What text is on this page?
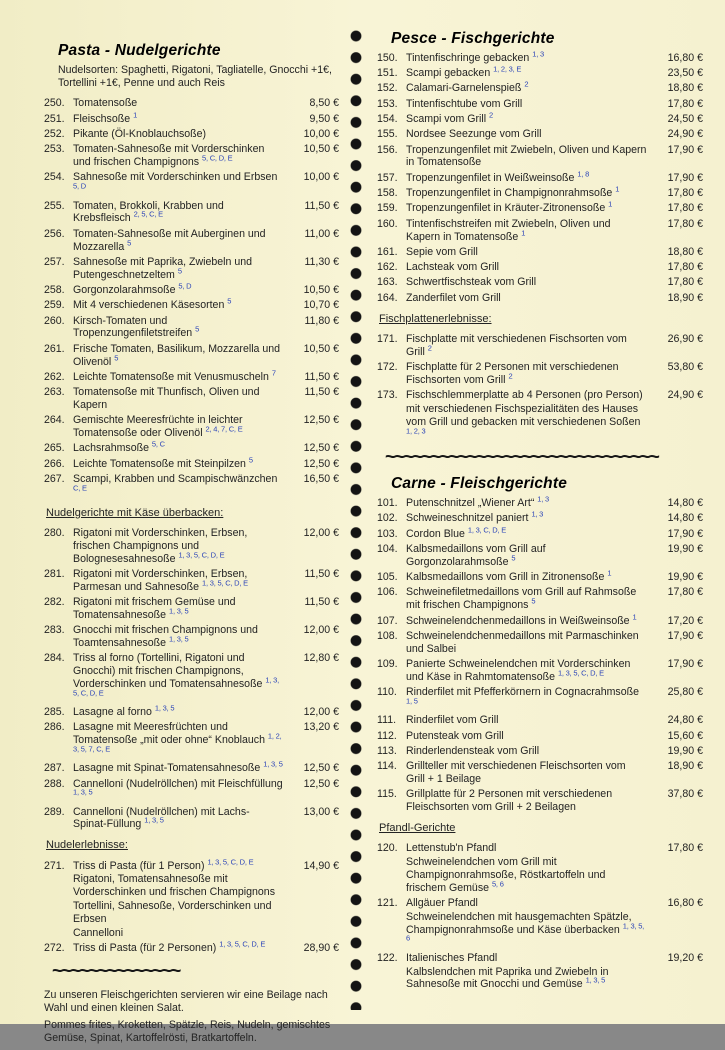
Pasta - Nudelgerichte
Nudelsorten: Spaghetti, Rigatoni, Tagliatelle, Gnocchi +1€, Tortellini +1€, Penne und auch Reis
250. Tomatensoße	8,50 €
251. Fleischsoße $^1$	9,50 €
252. Pikante (Öl-Knoblauchsoße)	10,00 €
253. Tomaten-Sahnesoße mit Vorderschinken und frischen Champignons $^{5, C, D, E}$
10,50 €
254. Sahnesoße mit Vorderschinken und Erbsen $^{5, D}$
10,00 €
255. Tomaten, Brokkoli, Krabben und Krebsfleisch $^{2, 5, C, E}$
11,50 €
256. Tomaten-Sahnesoße mit Auberginen und Mozzarella $^5$
11,00 €
257. Sahnesoße mit Paprika, Zwiebeln und Putengeschnetzeltem $^5$
11,30 €
258. Gorgonzolarahmsoße $^{5, D}$	10,50 €
259. Mit 4 verschiedenen Käsesorten $^5$	10,70 €
260. Kirsch-Tomaten und Tropenzungenfiletstreifen $^5$
11,80 €
261. Frische Tomaten, Basilikum, Mozzarella und Olivenöl $^5$
10,50 €
262. Leichte Tomatensoße mit Venusmuscheln $^7$	11,50 €
263. Tomatensoße mit Thunfisch, Oliven und Kapern
11,50 €
264. Gemischte Meeresfrüchte in leichter Tomatensoße oder Olivenöl $^{2, 4, 7, C, E}$
12,50 €
265. Lachsrahmsoße $^{5, C}$	12,50 €
266. Leichte Tomatensoße mit Steinpilzen $^5$	12,50 €
267. Scampi, Krabben und Scampischwänzchen $^{C, E}$
16,50 €
Nudelgerichte mit Käse überbacken:
280. Rigatoni mit Vorderschinken, Erbsen, frischen Champignons und Bolognesesahnesoße $^{1, 3, 5, C, D, E}$
12,00 €
281. Rigatoni mit Vorderschinken, Erbsen, Parmesan und Sahnesoße $^{1, 3, 5, C, D, E}$
11,50 €
282. Rigatoni mit frischem Gemüse und Tomatensahnesoße $^{1, 3, 5}$
11,50 €
283. Gnocchi mit frischen Champignons und Toamtensahnesoße $^{1, 3, 5}$
12,00 €
284. Triss al forno (Tortellini, Rigatoni und Gnocchi) mit frischen Champignons, Vorderschinken und Tomatensahnesoße $^{1, 3, 5, C, D, E}$
12,80 €
285. Lasagne al forno $^{1, 3, 5}$	12,00 €
286. Lasagne mit Meeresfrüchten und Tomatensoße „mit oder ohne“ Knoblauch $^{1, 2, 3, 5, 7, C, E}$
13,20 €
287. Lasagne mit Spinat-Tomatensahnesoße $^{1, 3, 5}$	12,50 €
288. Cannelloni (Nudelröllchen) mit Fleischfüllung $^{1, 3, 5}$
12,50 €
289. Cannelloni (Nudelröllchen) mit Lachs-Spinat-Füllung $^{1, 3, 5}$
13,00 €
Nudelerlebnisse:
271. Triss di Pasta (für 1 Person) $^{1, 3, 5, C, D, E}$
Rigatoni, Tomatensahnesoße mit Vorderschinken und frischen Champignons
Tortellini, Sahnesoße, Vorderschinken und Erbsen
Cannelloni
14,90 €
272. Triss di Pasta (für 2 Personen) $^{1, 3, 5, C, D, E}$	28,90 €
~~~~~~~~~~~~~~
Zu unseren Fleischgerichten servieren wir eine Beilage nach Wahl und einen kleinen Salat.
Pommes frites, Kroketten, Spätzle, Reis, Nudeln, gemischtes Gemüse, Spinat, Kartoffelrösti, Bratkartoffeln.
Pesce - Fischgerichte
150. Tintenfischringe gebacken $^{1, 3}$	16,80 €
151. Scampi gebacken $^{1, 2, 3, E}$	23,50 €
152. Calamari-Garnelenspieß $^2$	18,80 €
153. Tintenfischtube vom Grill	17,80 €
154. Scampi vom Grill $^2$	24,50 €
155. Nordsee Seezunge vom Grill	24,90 €
156. Tropenzungenfilet mit Zwiebeln, Oliven und Kapern in Tomatensoße
17,90 €
157. Tropenzungenfilet in Weißweinsoße $^{1, 8}$	17,90 €
158. Tropenzungenfilet in Champignonrahmsoße $^1$	17,80 €
159. Tropenzungenfilet in Kräuter-Zitronensoße $^1$	17,80 €
160. Tintenfischstreifen mit Zwiebeln, Oliven und Kapern in Tomatensoße $^1$
17,80 €
161. Sepie vom Grill	18,80 €
162. Lachsteak vom Grill	17,80 €
163. Schwertfischsteak vom Grill	17,80 €
164. Zanderfilet vom Grill	18,90 €
Fischplattenerlebnisse:
171. Fischplatte mit verschiedenen Fischsorten vom Grill $^2$
26,90 €
172. Fischplatte für 2 Personen mit verschiedenen Fischsorten vom Grill $^2$
53,80 €
173. Fischschlemmerplatte ab 4 Personen (pro Person)
mit verschiedenen Fischspezialitäten des Hauses vom Grill und gebacken mit verschiedenen Soßen $^{1, 2, 3}$
24,90 €
~~~~~~~~~~~~~~~~~~~~~~~~~~~~~~
Carne - Fleischgerichte
101. Putenschnitzel „Wiener Art“ $^{1, 3}$	14,80 €
102. Schweineschnitzel paniert $^{1, 3}$	14,80 €
103. Cordon Blue $^{1, 3, C, D, E}$	17,90 €
104. Kalbsmedaillons vom Grill auf Gorgonzolarahmsoße $^5$
19,90 €
105. Kalbsmedaillons vom Grill in Zitronensoße $^1$	19,90 €
106. Schweinefiletmedaillons vom Grill auf Rahmsoße mit frischen Champignons $^5$
17,80 €
107. Schweinelendchenmedaillons in Weißweinsoße $^1$	17,20 €
108. Schweinelendchenmedaillons mit Parmaschinken und Salbei
17,90 €
109. Panierte Schweinelendchen mit Vorderschinken und Käse in Rahmtomatensoße $^{1, 3, 5, C, D, E}$
17,90 €
110. Rinderfilet mit Pfefferkörnern in Cognacrahmsoße $^{1, 5}$
25,80 €
111. Rinderfilet vom Grill	24,80 €
112. Putensteak vom Grill	15,60 €
113. Rinderlendensteak vom Grill	19,90 €
114. Grillteller mit verschiedenen Fleischsorten vom Grill + 1 Beilage
18,90 €
115. Grillplatte für 2 Personen mit verschiedenen Fleischsorten vom Grill + 2 Beilagen
37,80 €
Pfandl-Gerichte
120. Lettenstub'n Pfandl
Schweinelendchen vom Grill mit Champignonrahmsoße, Röstkartoffeln und frischem Gemüse $^{5, 6}$
17,80 €
121. Allgäuer Pfandl
Schweinelendchen mit hausgemachten Spätzle, Champignonrahmsoße und Käse überbacken $^{1, 3, 5, 6}$
16,80 €
122. Italienisches Pfandl
Kalbslendchen mit Paprika und Zwiebeln in Sahnesoße mit Gnocchi und Gemüse $^{1, 3, 5}$
19,20 €
